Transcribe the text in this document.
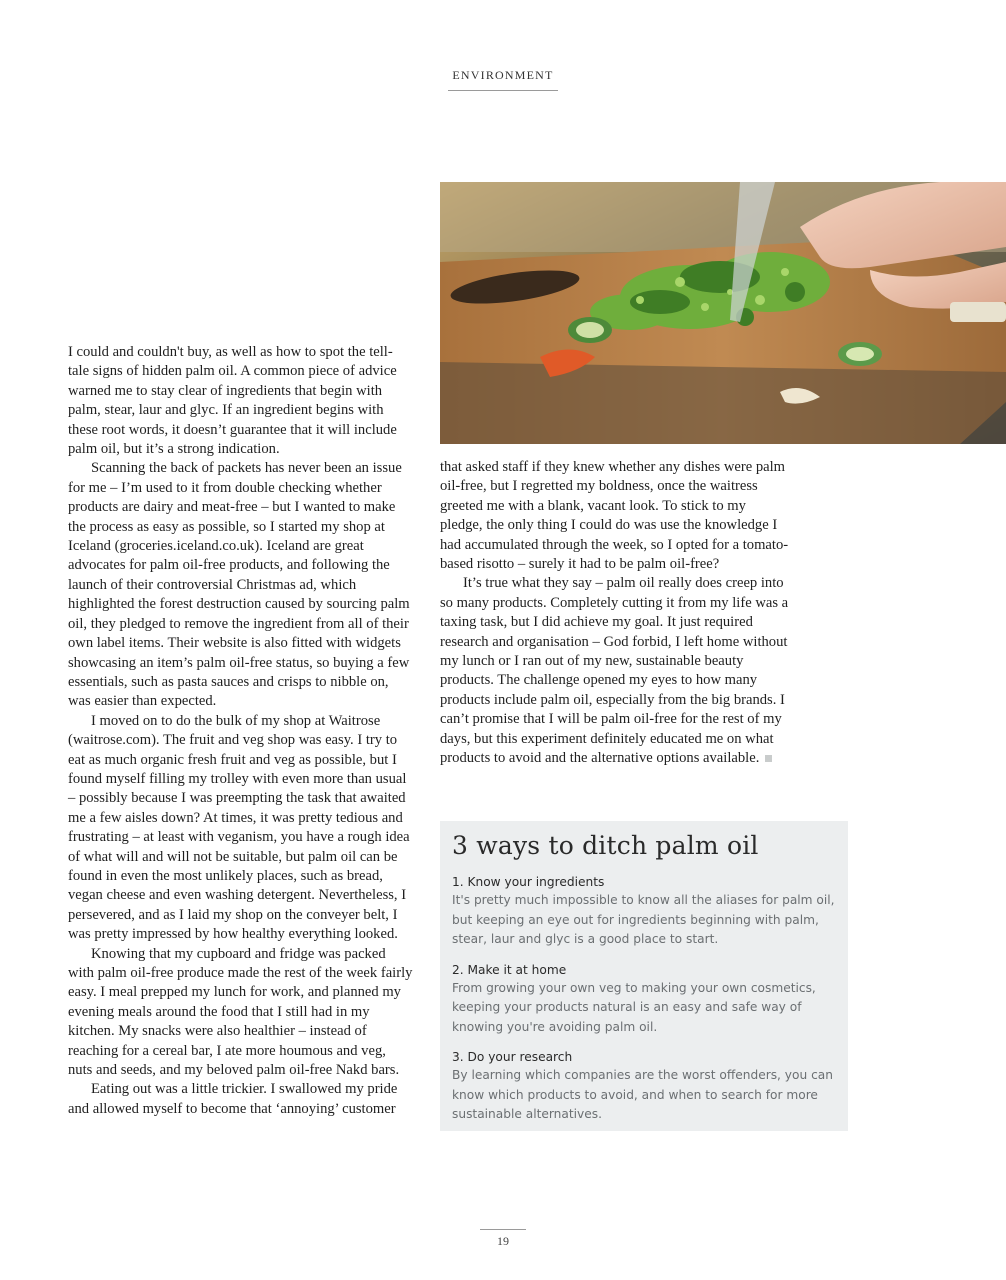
ENVIRONMENT

I could and couldn't buy, as well as how to spot the tell-tale signs of hidden palm oil. A common piece of advice warned me to stay clear of ingredients that begin with palm, stear, laur and glyc. If an ingredient begins with these root words, it doesn’t guarantee that it will include palm oil, but it’s a strong indication.

Scanning the back of packets has never been an issue for me – I’m used to it from double checking whether products are dairy and meat-free – but I wanted to make the process as easy as possible, so I started my shop at Iceland (groceries.iceland.co.uk). Iceland are great advocates for palm oil-free products, and following the launch of their controversial Christmas ad, which highlighted the forest destruction caused by sourcing palm oil, they pledged to remove the ingredient from all of their own label items. Their website is also fitted with widgets showcasing an item’s palm oil-free status, so buying a few essentials, such as pasta sauces and crisps to nibble on, was easier than expected.

I moved on to do the bulk of my shop at Waitrose (waitrose.com). The fruit and veg shop was easy. I try to eat as much organic fresh fruit and veg as possible, but I found myself filling my trolley with even more than usual – possibly because I was preempting the task that awaited me a few aisles down? At times, it was pretty tedious and frustrating – at least with veganism, you have a rough idea of what will and will not be suitable, but palm oil can be found in even the most unlikely places, such as bread, vegan cheese and even washing detergent. Nevertheless, I persevered, and as I laid my shop on the conveyer belt, I was pretty impressed by how healthy everything looked.

Knowing that my cupboard and fridge was packed with palm oil-free produce made the rest of the week fairly easy. I meal prepped my lunch for work, and planned my evening meals around the food that I still had in my kitchen. My snacks were also healthier – instead of reaching for a cereal bar, I ate more houmous and veg, nuts and seeds, and my beloved palm oil-free Nakd bars.

Eating out was a little trickier. I swallowed my pride and allowed myself to become that ‘annoying’ customer

that asked staff if they knew whether any dishes were palm oil-free, but I regretted my boldness, once the waitress greeted me with a blank, vacant look. To stick to my pledge, the only thing I could do was use the knowledge I had accumulated through the week, so I opted for a tomato-based risotto – surely it had to be palm oil-free?

It’s true what they say – palm oil really does creep into so many products. Completely cutting it from my life was a taxing task, but I did achieve my goal. It just required research and organisation – God forbid, I left home without my lunch or I ran out of my new, sustainable beauty products. The challenge opened my eyes to how many products include palm oil, especially from the big brands. I can’t promise that I will be palm oil-free for the rest of my days, but this experiment definitely educated me on what products to avoid and the alternative options available.

3 ways to ditch palm oil
1. Know your ingredients
It's pretty much impossible to know all the aliases for palm oil, but keeping an eye out for ingredients beginning with palm, stear, laur and glyc is a good place to start.
2. Make it at home
From growing your own veg to making your own cosmetics, keeping your products natural is an easy and safe way of knowing you're avoiding palm oil.
3. Do your research
By learning which companies are the worst offenders, you can know which products to avoid, and when to search for more sustainable alternatives.
19
